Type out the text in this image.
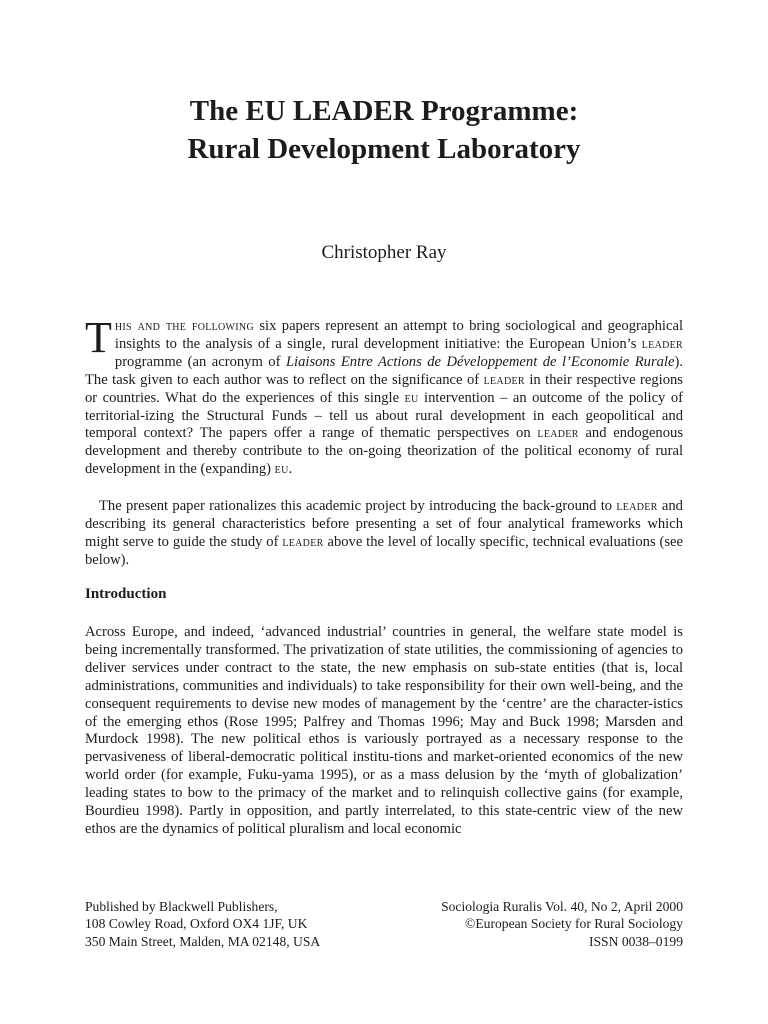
The EU LEADER Programme:
Rural Development Laboratory

Christopher Ray

This and the following six papers represent an attempt to bring sociological and geographical insights to the analysis of a single, rural development initiative: the European Union’s leader programme (an acronym of Liaisons Entre Actions de Développement de l’Economie Rurale). The task given to each author was to reflect on the significance of leader in their respective regions or countries. What do the experiences of this single eu intervention – an outcome of the policy of territorial-izing the Structural Funds – tell us about rural development in each geopolitical and temporal context? The papers offer a range of thematic perspectives on leader and endogenous development and thereby contribute to the on-going theorization of the political economy of rural development in the (expanding) eu.

The present paper rationalizes this academic project by introducing the back-ground to leader and describing its general characteristics before presenting a set of four analytical frameworks which might serve to guide the study of leader above the level of locally specific, technical evaluations (see below).

Introduction

Across Europe, and indeed, ‘advanced industrial’ countries in general, the welfare state model is being incrementally transformed. The privatization of state utilities, the commissioning of agencies to deliver services under contract to the state, the new emphasis on sub-state entities (that is, local administrations, communities and individuals) to take responsibility for their own well-being, and the consequent requirements to devise new modes of management by the ‘centre’ are the character-istics of the emerging ethos (Rose 1995; Palfrey and Thomas 1996; May and Buck 1998; Marsden and Murdock 1998). The new political ethos is variously portrayed as a necessary response to the pervasiveness of liberal-democratic political institu-tions and market-oriented economics of the new world order (for example, Fuku-yama 1995), or as a mass delusion by the ‘myth of globalization’ leading states to bow to the primacy of the market and to relinquish collective gains (for example, Bourdieu 1998). Partly in opposition, and partly interrelated, to this state-centric view of the new ethos are the dynamics of political pluralism and local economic

Published by Blackwell Publishers,
108 Cowley Road, Oxford OX4 1JF, UK
350 Main Street, Malden, MA 02148, USA
Sociologia Ruralis Vol. 40, No 2, April 2000
©European Society for Rural Sociology
ISSN 0038–0199
